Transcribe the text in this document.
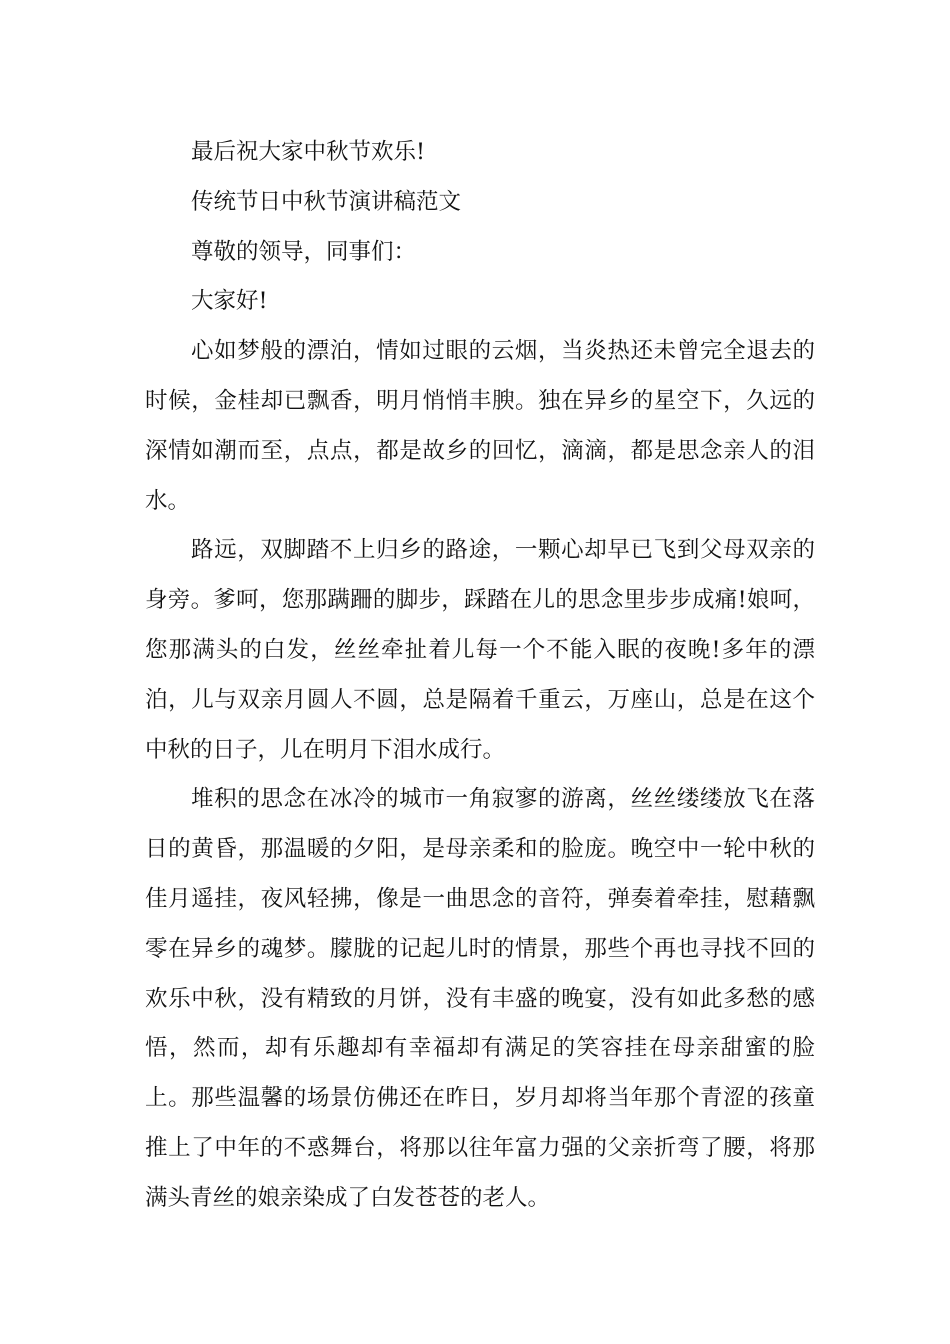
最后祝大家中秋节欢乐!

传统节日中秋节演讲稿范文

尊敬的领导，同事们：

大家好!

心如梦般的漂泊，情如过眼的云烟，当炎热还未曾完全退去的时候，金桂却已飘香，明月悄悄丰腴。独在异乡的星空下，久远的深情如潮而至，点点，都是故乡的回忆，滴滴，都是思念亲人的泪水。

路远，双脚踏不上归乡的路途，一颗心却早已飞到父母双亲的身旁。爹呵，您那蹒跚的脚步，踩踏在儿的思念里步步成痛!娘呵，您那满头的白发，丝丝牵扯着儿每一个不能入眠的夜晚!多年的漂泊，儿与双亲月圆人不圆，总是隔着千重云，万座山，总是在这个中秋的日子，儿在明月下泪水成行。

堆积的思念在冰冷的城市一角寂寥的游离，丝丝缕缕放飞在落日的黄昏，那温暖的夕阳，是母亲柔和的脸庞。晚空中一轮中秋的佳月遥挂，夜风轻拂，像是一曲思念的音符，弹奏着牵挂，慰藉飘零在异乡的魂梦。朦胧的记起儿时的情景，那些个再也寻找不回的欢乐中秋，没有精致的月饼，没有丰盛的晚宴，没有如此多愁的感悟，然而，却有乐趣却有幸福却有满足的笑容挂在母亲甜蜜的脸上。那些温馨的场景仿佛还在昨日，岁月却将当年那个青涩的孩童推上了中年的不惑舞台，将那以往年富力强的父亲折弯了腰，将那满头青丝的娘亲染成了白发苍苍的老人。
